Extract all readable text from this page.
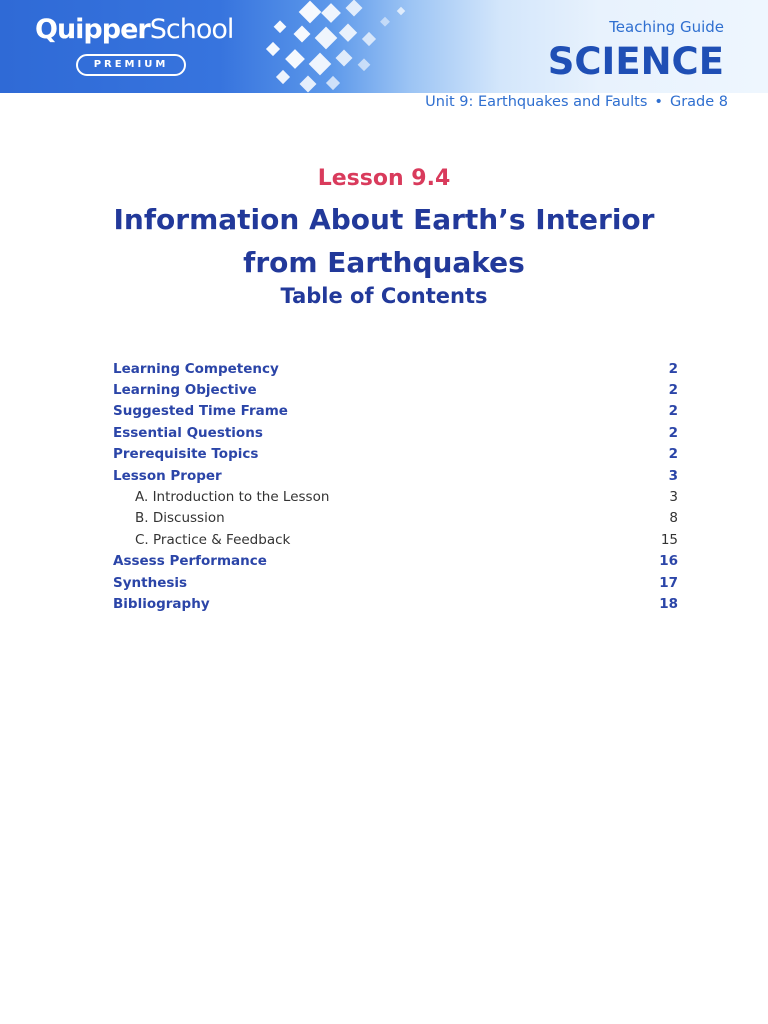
QuipperSchool
PREMIUM
Teaching Guide
SCIENCE
Unit 9: Earthquakes and Faults • Grade 8
Lesson 9.4
Information About Earth’s Interior
from Earthquakes
Table of Contents
Learning Competency	2
Learning Objective	2
Suggested Time Frame	2
Essential Questions	2
Prerequisite Topics	2
Lesson Proper	3
A. Introduction to the Lesson	3
B. Discussion	8
C. Practice & Feedback	15
Assess Performance	16
Synthesis	17
Bibliography	18
